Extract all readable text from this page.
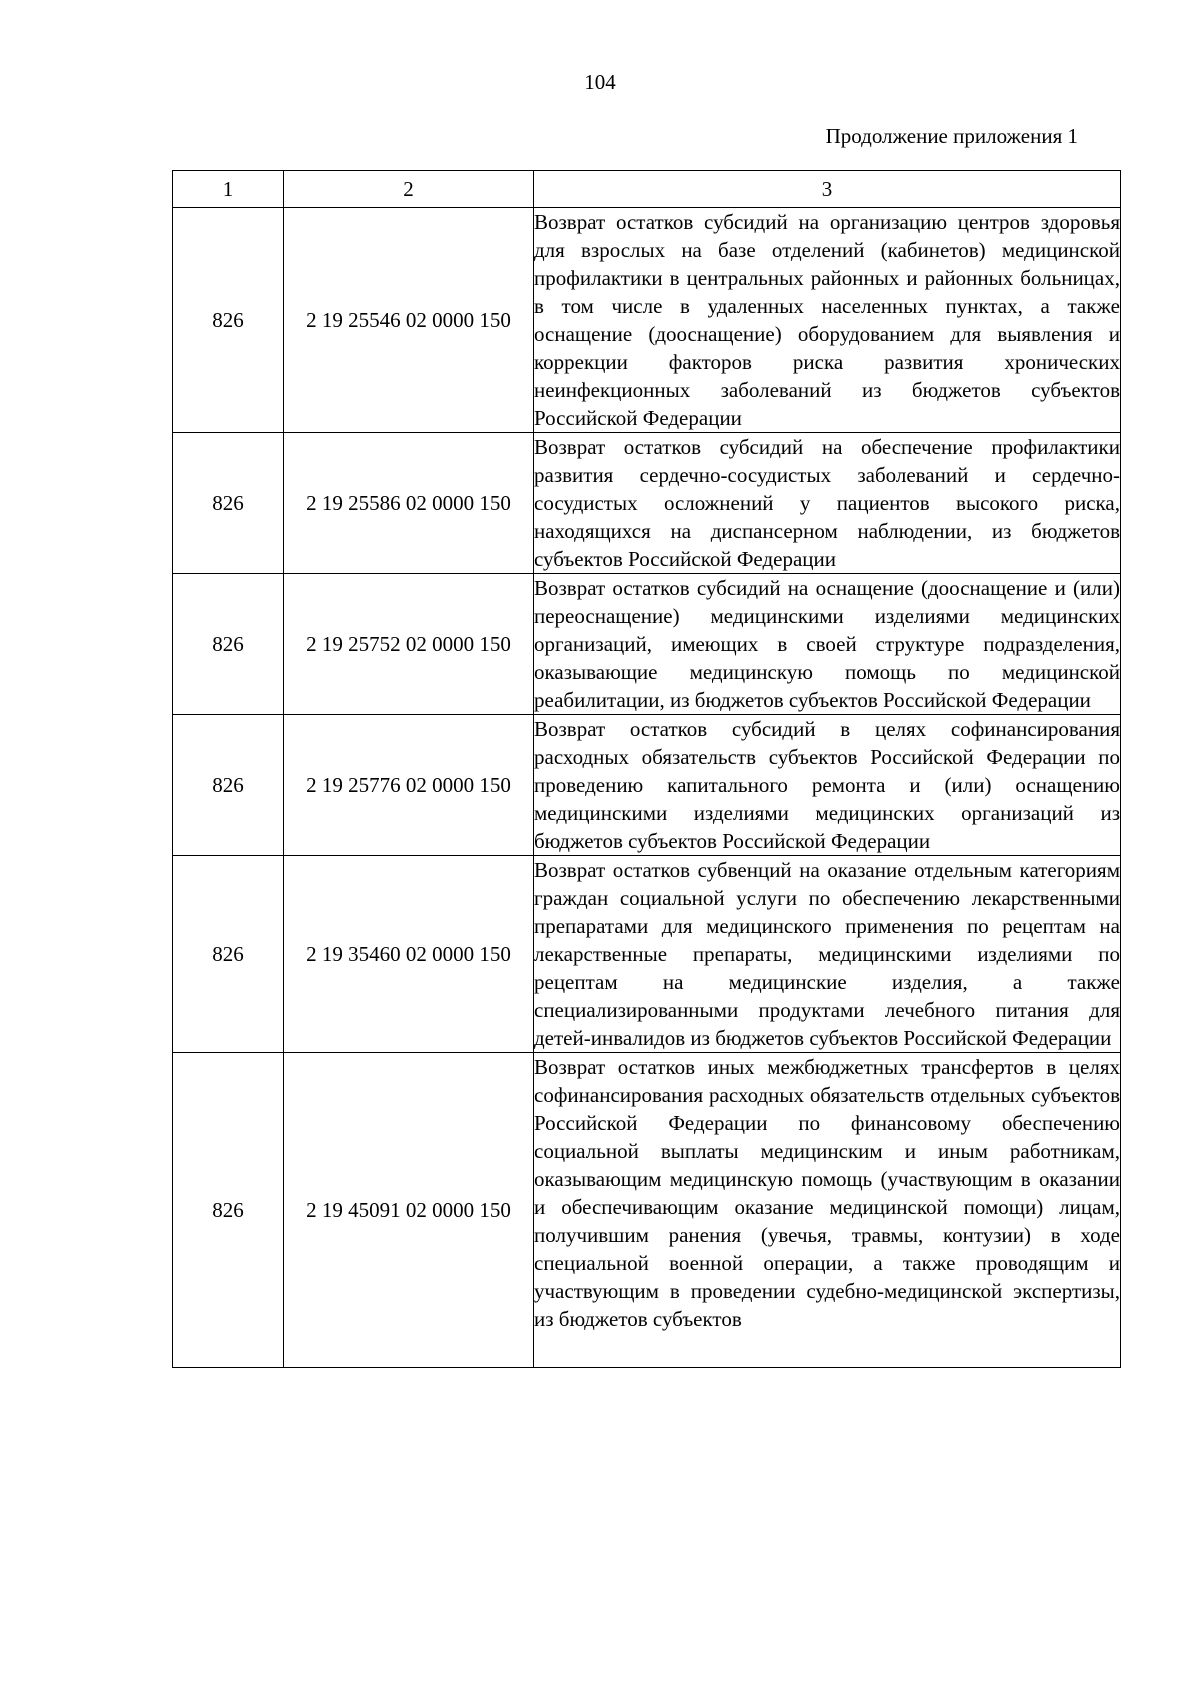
104
Продолжение приложения 1
1	2	3
826	2 19 25546 02 0000 150	Возврат остатков субсидий на организацию центров здоровья для взрослых на базе отделений (кабинетов) медицинской профилактики в центральных районных и районных больницах, в том числе в удаленных населенных пунктах, а также оснащение (дооснащение) оборудованием для выявления и коррекции факторов риска развития хронических неинфекционных заболеваний из бюджетов субъектов Российской Федерации
826	2 19 25586 02 0000 150	Возврат остатков субсидий на обеспечение профилактики развития сердечно-сосудистых заболеваний и сердечно-сосудистых осложнений у пациентов высокого риска, находящихся на диспансерном наблюдении, из бюджетов субъектов Российской Федерации
826	2 19 25752 02 0000 150	Возврат остатков субсидий на оснащение (дооснащение и (или) переоснащение) медицинскими изделиями медицинских организаций, имеющих в своей структуре подразделения, оказывающие медицинскую помощь по медицинской реабилитации, из бюджетов субъектов Российской Федерации
826	2 19 25776 02 0000 150	Возврат остатков субсидий в целях софинансирования расходных обязательств субъектов Российской Федерации по проведению капитального ремонта и (или) оснащению медицинскими изделиями медицинских организаций из бюджетов субъектов Российской Федерации
826	2 19 35460 02 0000 150	Возврат остатков субвенций на оказание отдельным категориям граждан социальной услуги по обеспечению лекарственными препаратами для медицинского применения по рецептам на лекарственные препараты, медицинскими изделиями по рецептам на медицинские изделия, а также специализированными продуктами лечебного питания для детей-инвалидов из бюджетов субъектов Российской Федерации
826	2 19 45091 02 0000 150	Возврат остатков иных межбюджетных трансфертов в целях софинансирования расходных обязательств отдельных субъектов Российской Федерации по финансовому обеспечению социальной выплаты медицинским и иным работникам, оказывающим медицинскую помощь (участвующим в оказании и обеспечивающим оказание медицинской помощи) лицам, получившим ранения (увечья, травмы, контузии) в ходе специальной военной операции, а также проводящим и участвующим в проведении судебно-медицинской экспертизы, из бюджетов субъектов
